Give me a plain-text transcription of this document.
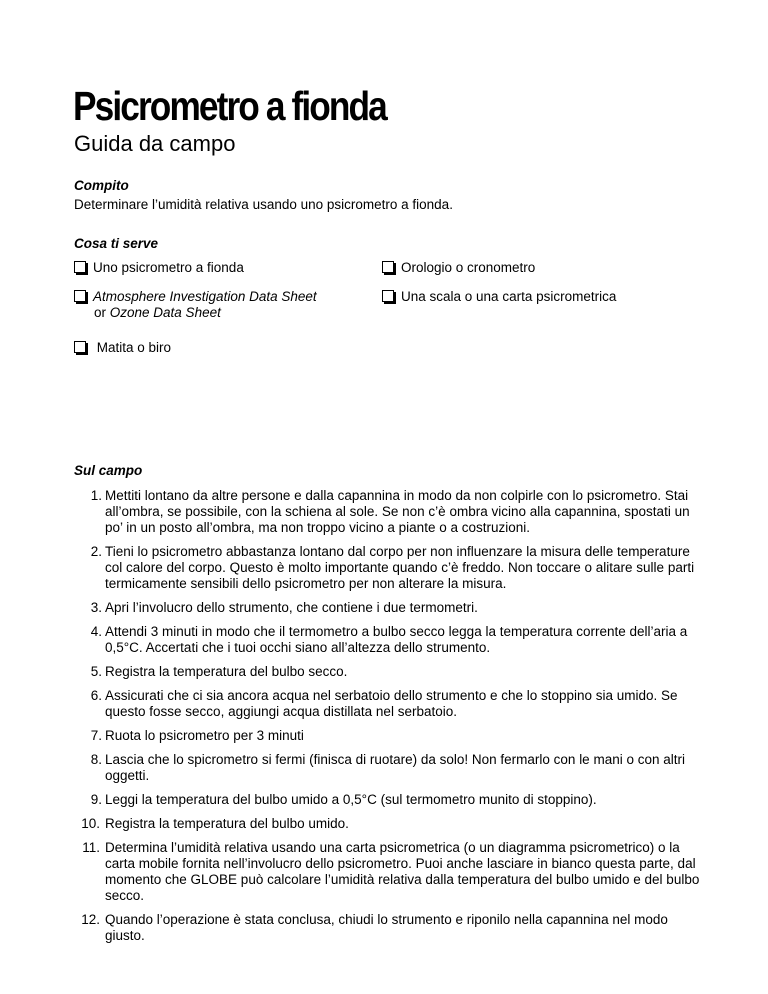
Psicrometro a fionda
Guida da campo
Compito
Determinare l’umidità relativa usando uno psicrometro a fionda.
Cosa ti serve
Uno psicrometro a fionda	Orologio o cronometro
Atmosphere Investigation Data Sheet
or Ozone Data Sheet
Una scala o una carta psicrometrica
Matita o biro
Sul campo
1. Mettiti lontano da altre persone e dalla capannina in modo da non colpirle con lo psicrometro. Stai all’ombra, se possibile, con la schiena al sole. Se non c’è ombra vicino alla capannina, spostati un po’ in un posto all’ombra, ma non troppo vicino a piante o a costruzioni.
2. Tieni lo psicrometro abbastanza lontano dal corpo per non influenzare la misura delle temperature col calore del corpo. Questo è molto importante quando c’è freddo. Non toccare o alitare sulle parti termicamente sensibili dello psicrometro per non alterare la misura.
3. Apri l’involucro dello strumento, che contiene i due termometri.
4. Attendi 3 minuti in modo che il termometro a bulbo secco legga la temperatura corrente dell’aria a 0,5°C. Accertati che i tuoi occhi siano all’altezza dello strumento.
5. Registra la temperatura del bulbo secco.
6. Assicurati che ci sia ancora acqua nel serbatoio dello strumento e che lo stoppino sia umido. Se questo fosse secco, aggiungi acqua distillata nel serbatoio.
7. Ruota lo psicrometro per 3 minuti
8. Lascia che lo spicrometro si fermi (finisca di ruotare) da solo! Non fermarlo con le mani o con altri oggetti.
9. Leggi la temperatura del bulbo umido a 0,5°C (sul termometro munito di stoppino).
10. Registra la temperatura del bulbo umido.
11. Determina l’umidità relativa usando una carta psicrometrica (o un diagramma psicrometrico) o la carta mobile fornita nell’involucro dello psicrometro. Puoi anche lasciare in bianco questa parte, dal momento che GLOBE può calcolare l’umidità relativa dalla temperatura del bulbo umido e del bulbo secco.
12. Quando l’operazione è stata conclusa, chiudi lo strumento e riponilo nella capannina nel modo giusto.
